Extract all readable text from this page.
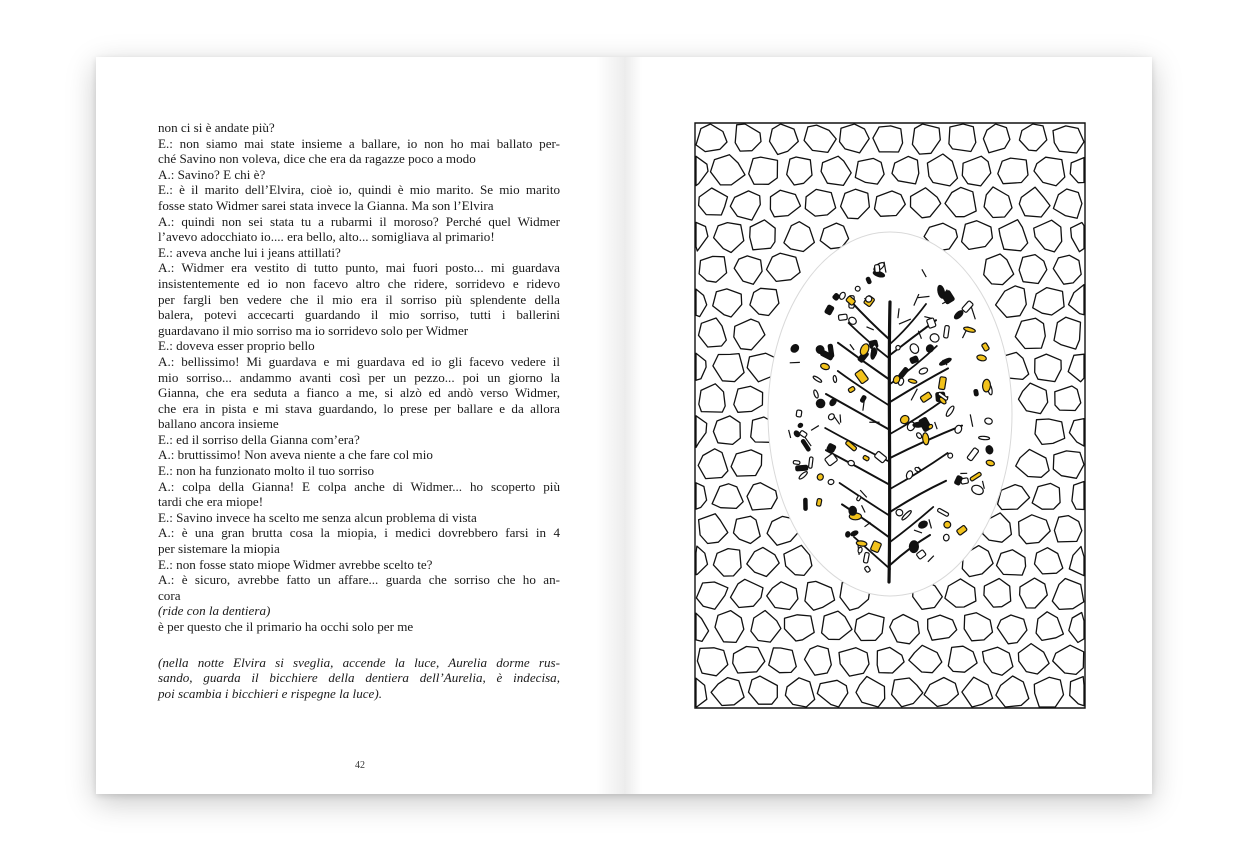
non ci si è andate più?
E.: non siamo mai state insieme a ballare, io non ho mai ballato per-
ché Savino non voleva, dice che era da ragazze poco a modo
A.: Savino? E chi è?
E.: è il marito dell’Elvira, cioè io, quindi è mio marito. Se mio marito
fosse stato Widmer sarei stata invece la Gianna. Ma son l’Elvira
A.: quindi non sei stata tu a rubarmi il moroso? Perché quel Widmer
l’avevo adocchiato io.... era bello, alto... somigliava al primario!
E.: aveva anche lui i jeans attillati?
A.: Widmer era vestito di tutto punto, mai fuori posto... mi guardava
insistentemente ed io non facevo altro che ridere, sorridevo e ridevo
per fargli ben vedere che il mio era il sorriso più splendente della
balera, potevi accecarti guardando il mio sorriso, tutti i ballerini
guardavano il mio sorriso ma io sorridevo solo per Widmer
E.: doveva esser proprio bello
A.: bellissimo! Mi guardava e mi guardava ed io gli facevo vedere il
mio sorriso... andammo avanti così per un pezzo... poi un giorno la
Gianna, che era seduta a fianco a me, si alzò ed andò verso Widmer,
che era in pista e mi stava guardando, lo prese per ballare e da allora
ballano ancora insieme
E.: ed il sorriso della Gianna com’era?
A.: bruttissimo! Non aveva niente a che fare col mio
E.: non ha funzionato molto il tuo sorriso
A.: colpa della Gianna! E colpa anche di Widmer... ho scoperto più
tardi che era miope!
E.: Savino invece ha scelto me senza alcun problema di vista
A.: è una gran brutta cosa la miopia, i medici dovrebbero farsi in 4
per sistemare la miopia
E.: non fosse stato miope Widmer avrebbe scelto te?
A.: è sicuro, avrebbe fatto un affare... guarda che sorriso che ho an-
cora
(ride con la dentiera)
è per questo che il primario ha occhi solo per me
(nella notte Elvira si sveglia, accende la luce, Aurelia dorme rus-
sando, guarda il bicchiere della dentiera dell’Aurelia, è indecisa,
poi scambia i bicchieri e rispegne la luce).
42
